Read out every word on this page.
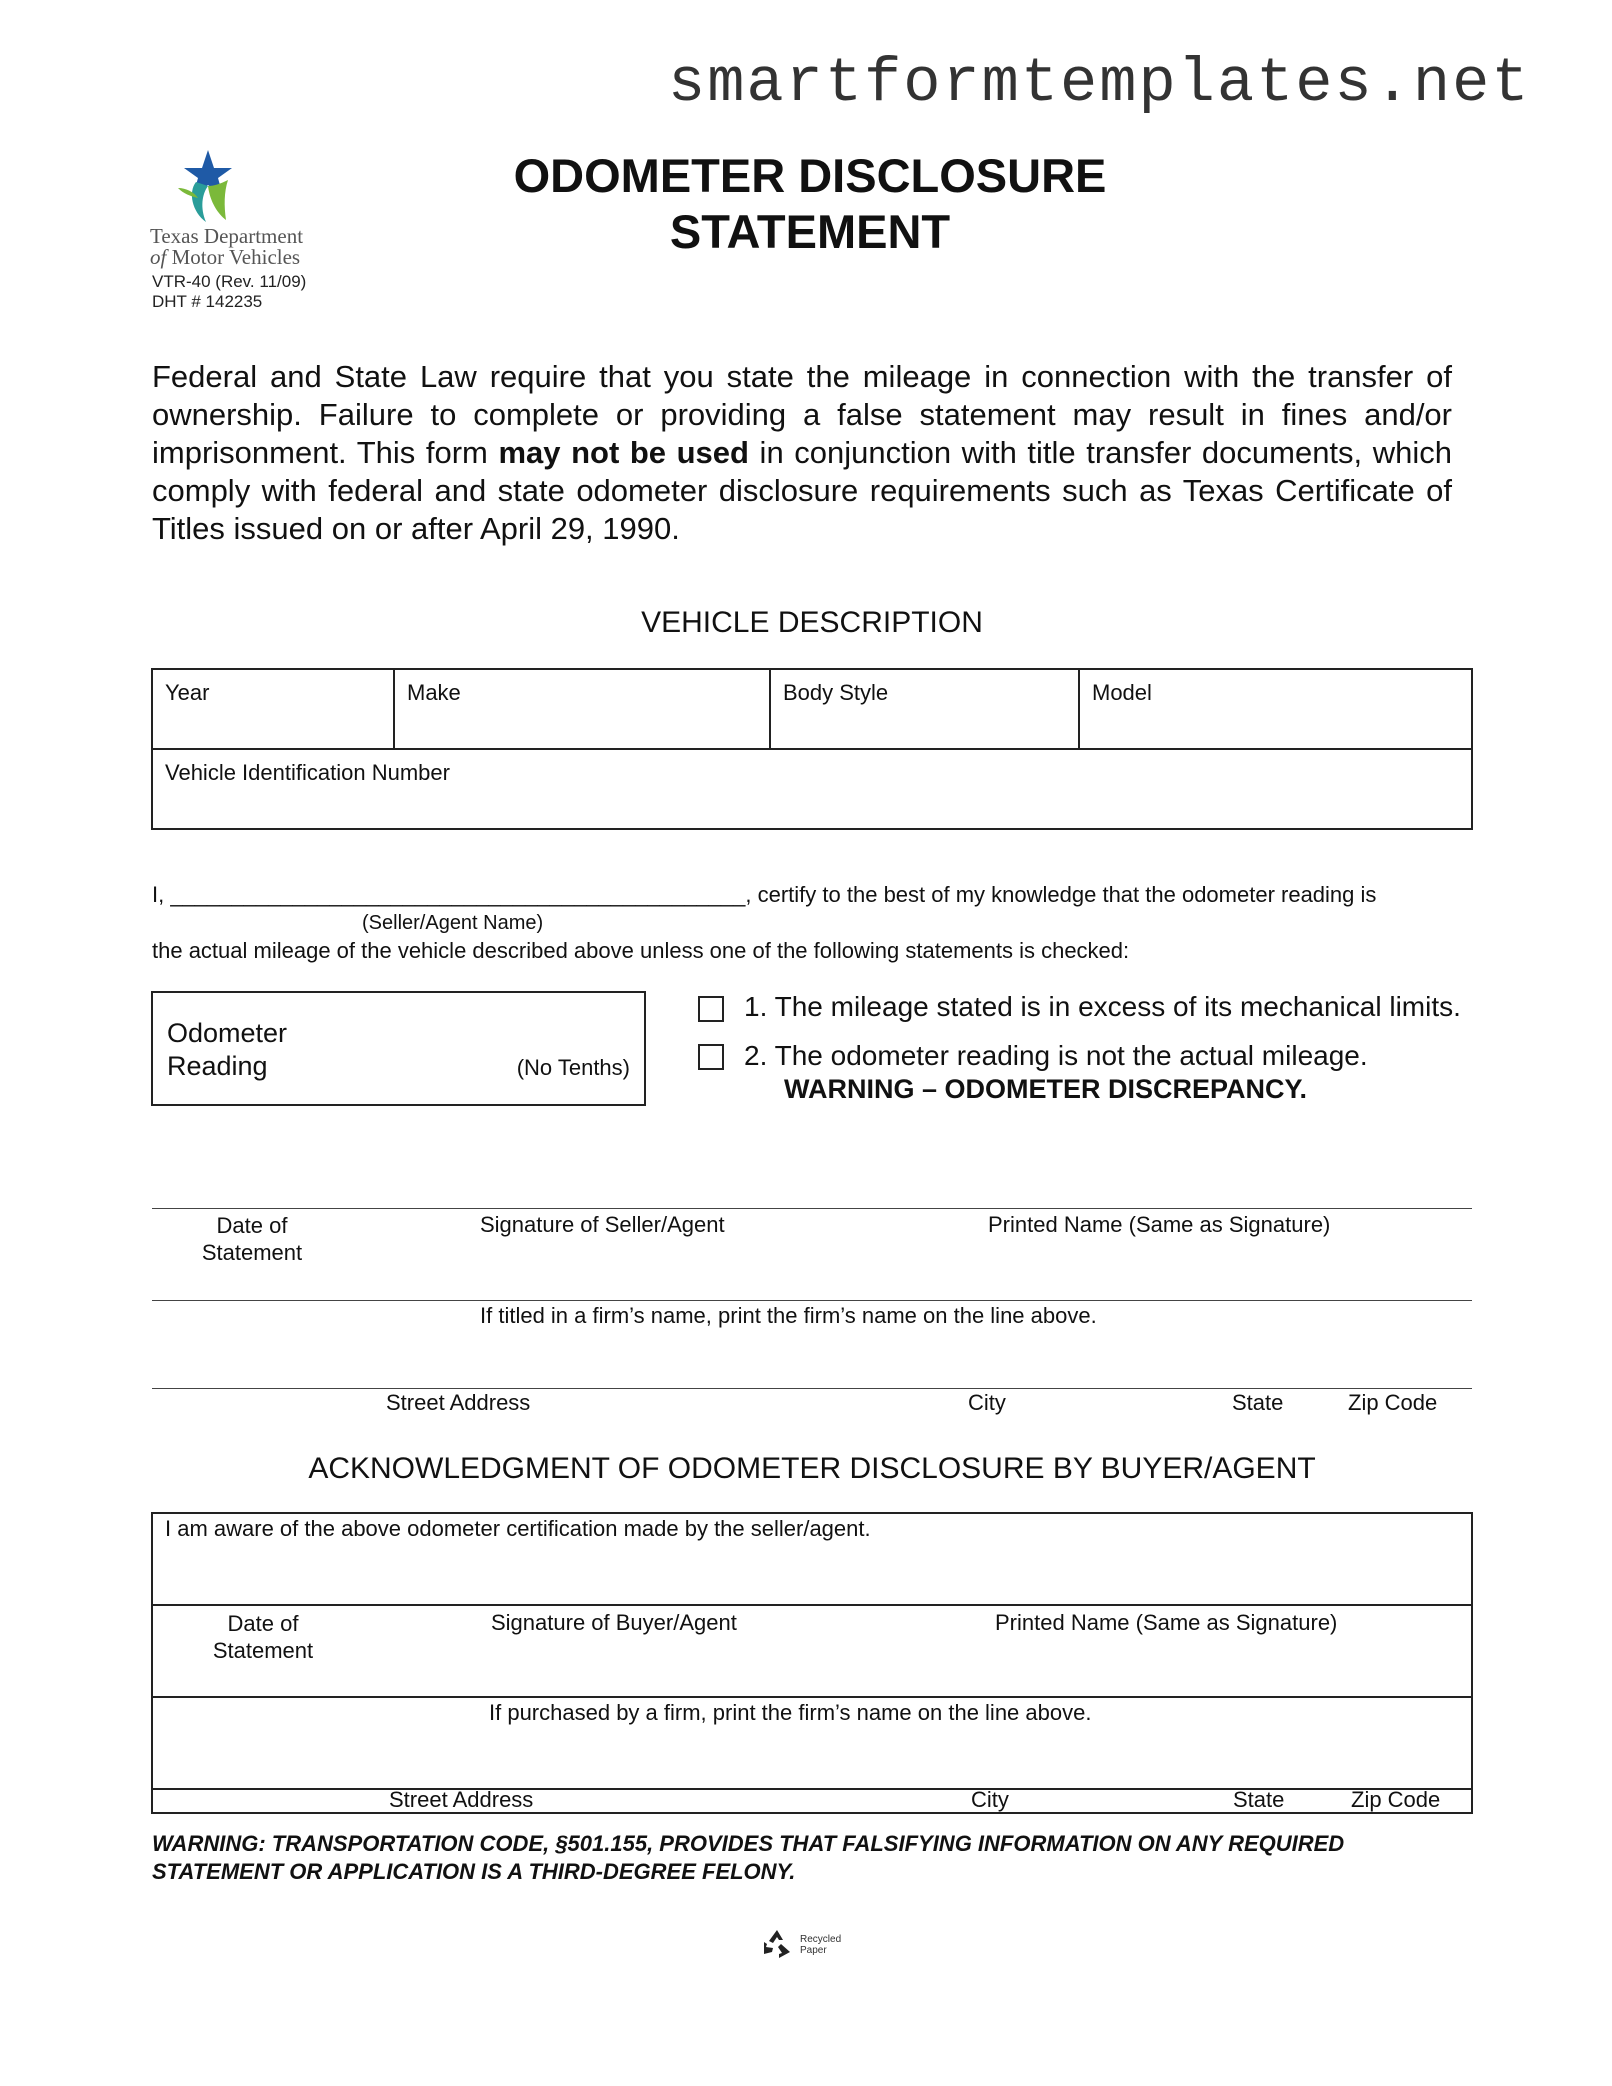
smartformtemplates.net
Texas Department
of Motor Vehicles
VTR-40 (Rev. 11/09)
DHT # 142235
ODOMETER DISCLOSURE
STATEMENT
Federal and State Law require that you state the mileage in connection with the transfer of ownership. Failure to complete or providing a false statement may result in fines and/or imprisonment. This form may not be used in conjunction with title transfer documents, which comply with federal and state odometer disclosure requirements such as Texas Certificate of Titles issued on or after April 29, 1990.
VEHICLE DESCRIPTION
Year	Make	Body Style	Model
Vehicle Identification Number
I, _______________________________________________, certify to the best of my knowledge that the odometer reading is
(Seller/Agent Name)
the actual mileage of the vehicle described above unless one of the following statements is checked:
Odometer
Reading	(No Tenths)
1. The mileage stated is in excess of its mechanical limits.
2. The odometer reading is not the actual mileage.
WARNING – ODOMETER DISCREPANCY.
Date of
Statement
Signature of Seller/Agent	Printed Name (Same as Signature)
If titled in a firm’s name, print the firm’s name on the line above.
Street Address	City	State	Zip Code
ACKNOWLEDGMENT OF ODOMETER DISCLOSURE BY BUYER/AGENT
I am aware of the above odometer certification made by the seller/agent.
Date of
Statement
Signature of Buyer/Agent	Printed Name (Same as Signature)
If purchased by a firm, print the firm’s name on the line above.
Street Address	City	State	Zip Code
WARNING: TRANSPORTATION CODE, §501.155, PROVIDES THAT FALSIFYING INFORMATION ON ANY REQUIRED STATEMENT OR APPLICATION IS A THIRD-DEGREE FELONY.
Recycled
Paper
